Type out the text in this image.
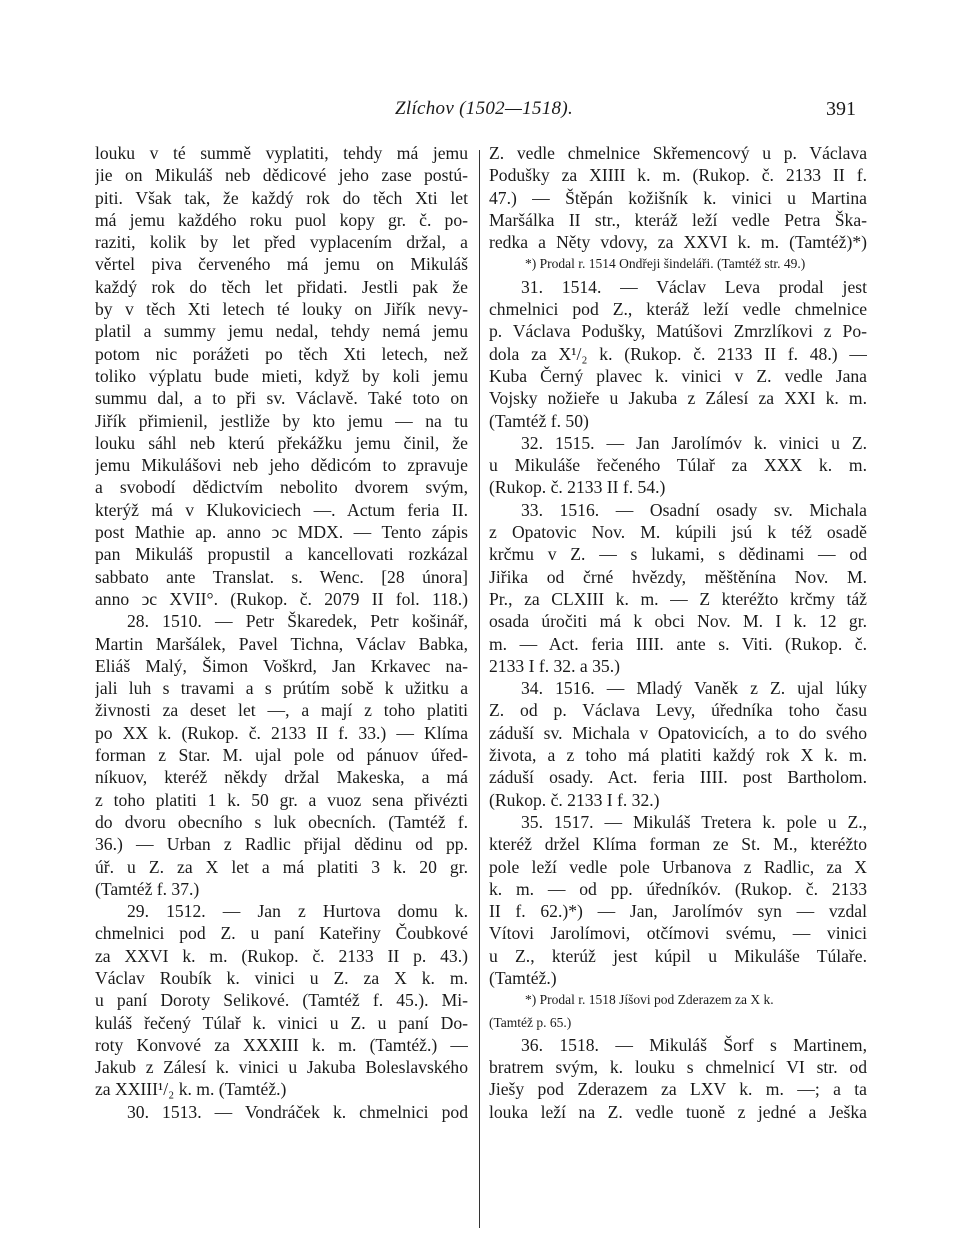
Zlíchov (1502—1518).	391
louku v té summě vyplatiti, tehdy má jemu
jie on Mikuláš neb dědicové jeho zase postú-
piti. Však tak, že každý rok do těch Xti let
má jemu každého roku puol kopy gr. č. po-
raziti, kolik by let před vyplacením držal, a
věrtel piva červeného má jemu on Mikuláš
každý rok do těch let přidati. Jestli pak že
by v těch Xti letech té louky on Jiřík nevy-
platil a summy jemu nedal, tehdy nemá jemu
potom nic porážeti po těch Xti letech, než
toliko výplatu bude mieti, když by koli jemu
summu dal, a to při sv. Václavě. Také toto on
Jiřík přimienil, jestliže by kto jemu — na tu
louku sáhl neb kterú překážku jemu činil, že
jemu Mikulášovi neb jeho dědicóm to zpravuje
a svobodí dědictvím nebolito dvorem svým,
kterýž má v Klukoviciech —. Actum feria II.
post Mathie ap. anno ↄc MDX. — Tento zápis
pan Mikuláš propustil a kancellovati rozkázal
sabbato ante Translat. s. Wenc. [28 února]
anno ↄc XVII°. (Rukop. č. 2079 II fol. 118.)
28. 1510. — Petr Škaredek, Petr košinář,
Martin Maršálek, Pavel Tichna, Václav Babka,
Eliáš Malý, Šimon Voškrd, Jan Krkavec na-
jali luh s travami a s prútím sobě k užitku a
živnosti za deset let —, a mají z toho platiti
po XX k. (Rukop. č. 2133 II f. 33.) — Klíma
forman z Star. M. ujal pole od pánuov úřed-
níkuov, kteréž někdy držal Makeska, a má
z toho platiti 1 k. 50 gr. a vuoz sena přivézti
do dvoru obecního s luk obecních. (Tamtéž f.
36.) — Urban z Radlic přijal dědinu od pp.
úř. u Z. za X let a má platiti 3 k. 20 gr.
(Tamtéž f. 37.)
29. 1512. — Jan z Hurtova domu k.
chmelnici pod Z. u paní Kateřiny Čoubkové
za XXVI k. m. (Rukop. č. 2133 II p. 43.)
Václav Roubík k. vinici u Z. za X k. m.
u paní Doroty Selikové. (Tamtéž f. 45.). Mi-
kuláš řečený Túlař k. vinici u Z. u paní Do-
roty Konvové za XXXIII k. m. (Tamtéž.) —
Jakub z Zálesí k. vinici u Jakuba Boleslavského
za XXIII¹/₂ k. m. (Tamtéž.)
30. 1513. — Vondráček k. chmelnici pod
Z. vedle chmelnice Skřemencový u p. Václava
Podušky za XIIII k. m. (Rukop. č. 2133 II f.
47.) — Štěpán kožišník k. vinici u Martina
Maršálka II str., kteráž leží vedle Petra Ška-
redka a Něty vdovy, za XXVI k. m. (Tamtéž)*)
*) Prodal r. 1514 Ondřeji šindeláři. (Tamtéž str. 49.)
31. 1514. — Václav Leva prodal jest
chmelnici pod Z., kteráž leží vedle chmelnice
p. Václava Podušky, Matúšovi Zmrzlíkovi z Po-
dola za X¹/₂ k. (Rukop. č. 2133 II f. 48.) —
Kuba Černý plavec k. vinici v Z. vedle Jana
Vojsky nožieře u Jakuba z Zálesí za XXI k. m.
(Tamtéž f. 50)
32. 1515. — Jan Jarolímóv k. vinici u Z.
u Mikuláše řečeného Túlař za XXX k. m.
(Rukop. č. 2133 II f. 54.)
33. 1516. — Osadní osady sv. Michala
z Opatovic Nov. M. kúpili jsú k též osadě
krčmu v Z. — s lukami, s dědinami — od
Jiřika od črné hvězdy, měštěnína Nov. M.
Pr., za CLXIII k. m. — Z kteréžto krčmy táž
osada úročiti má k obci Nov. M. I k. 12 gr.
m. — Act. feria IIII. ante s. Viti. (Rukop. č.
2133 I f. 32. a 35.)
34. 1516. — Mladý Vaněk z Z. ujal lúky
Z. od p. Václava Levy, úředníka toho času
záduší sv. Michala v Opatovicích, a to do svého
života, a z toho má platiti každý rok X k. m.
záduší osady. Act. feria IIII. post Bartholom.
(Rukop. č. 2133 I f. 32.)
35. 1517. — Mikuláš Tretera k. pole u Z.,
kteréž držel Klíma forman ze St. M., kteréžto
pole leží vedle pole Urbanova z Radlic, za X
k. m. — od pp. úředníkóv. (Rukop. č. 2133
II f. 62.)*) — Jan, Jarolímóv syn — vzdal
Vítovi Jarolímovi, otčímovi svému, — vinici
u Z., kterúž jest kúpil u Mikuláše Túlaře.
(Tamtéž.)
*) Prodal r. 1518 Jíšovi pod Zderazem za X k.
(Tamtéž p. 65.)
36. 1518. — Mikuláš Šorf s Martinem,
bratrem svým, k. louku s chmelnicí VI str. od
Jiešy pod Zderazem za LXV k. m. —; a ta
louka leží na Z. vedle tuoně z jedné a Ješka
